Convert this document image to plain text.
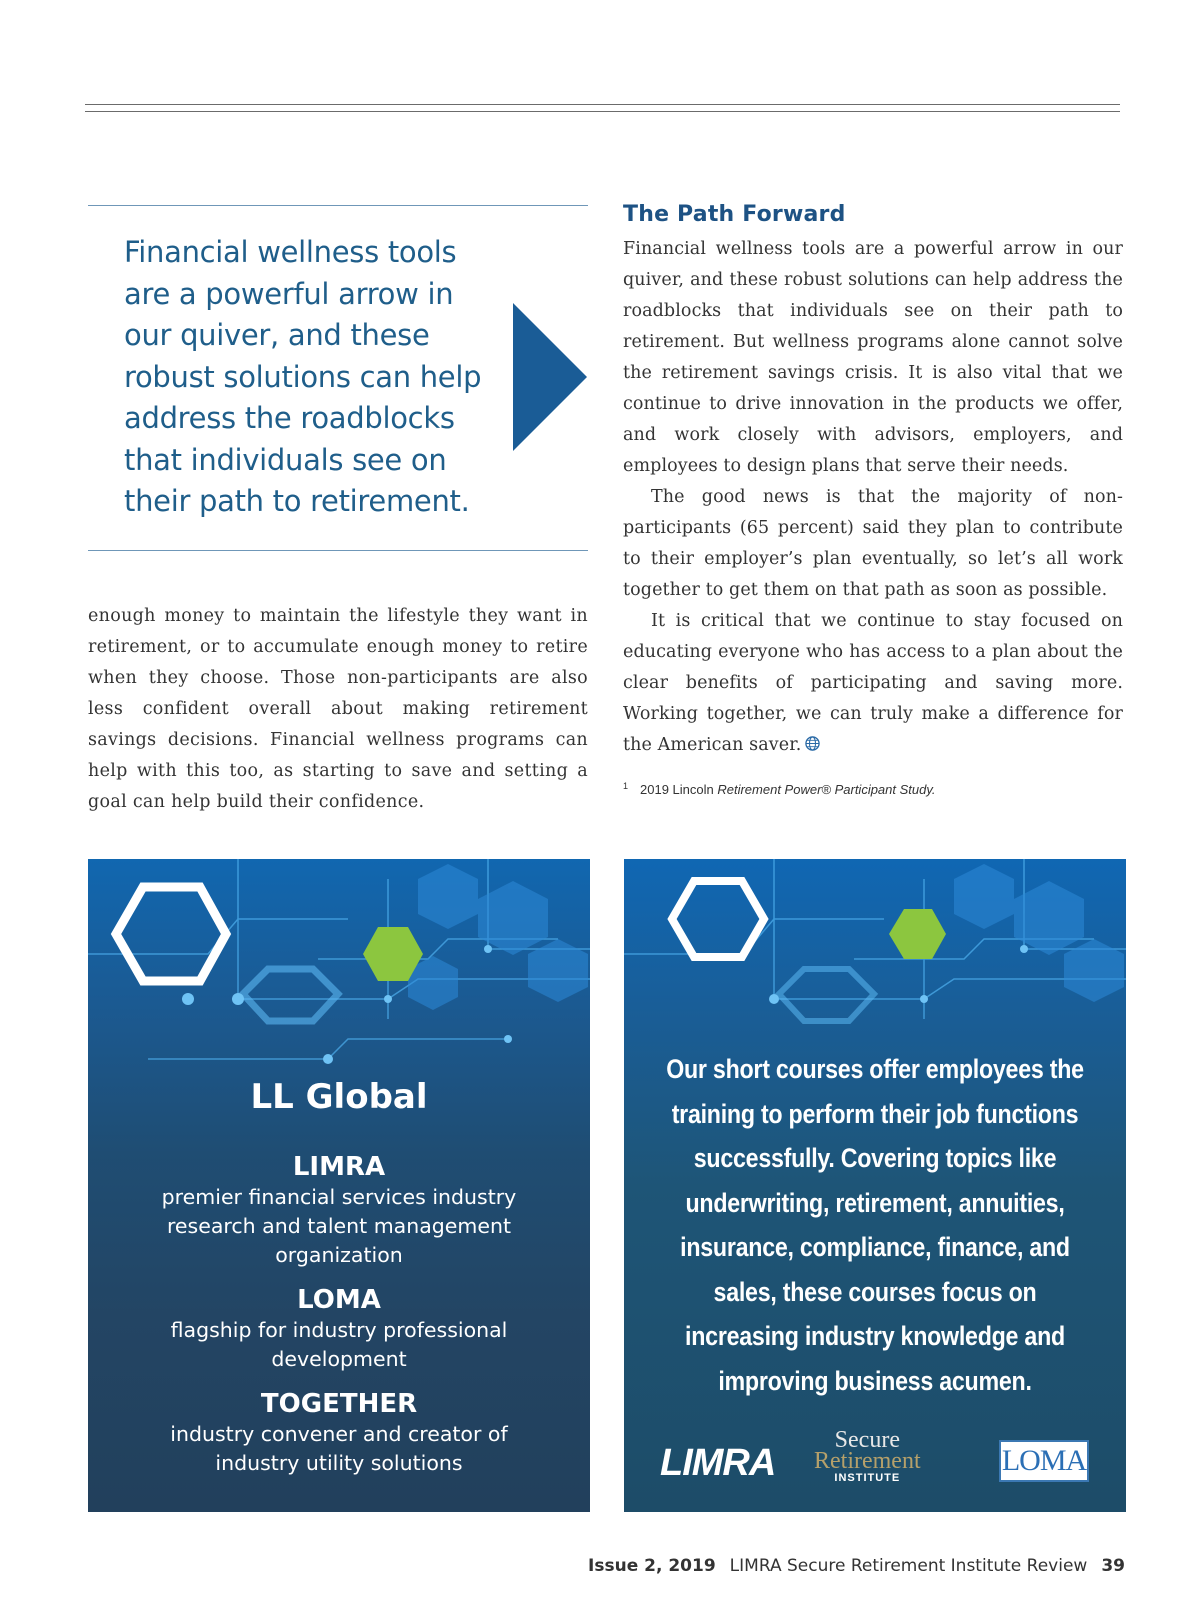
Financial wellness tools are a powerful arrow in our quiver, and these robust solutions can help address the roadblocks that individuals see on their path to retirement.

enough money to maintain the lifestyle they want in retirement, or to accumulate enough money to retire when they choose. Those non-participants are also less confident overall about making retirement savings decisions. Financial wellness programs can help with this too, as starting to save and setting a goal can help build their confidence.

The Path Forward

Financial wellness tools are a powerful arrow in our quiver, and these robust solutions can help address the roadblocks that individuals see on their path to retirement. But wellness programs alone cannot solve the retirement savings crisis. It is also vital that we continue to drive innovation in the products we offer, and work closely with advisors, employers, and employees to design plans that serve their needs.

The good news is that the majority of non-participants (65 percent) said they plan to contribute to their employer’s plan eventually, so let’s all work together to get them on that path as soon as possible.

It is critical that we continue to stay focused on educating everyone who has access to a plan about the clear benefits of participating and saving more. Working together, we can truly make a difference for the American saver.

$^1$ 2019 Lincoln Retirement Power® Participant Study.
LL Global
LIMRA
premier financial services industry research and talent management organization
LOMA
flagship for industry professional development
TOGETHER
industry convener and creator of industry utility solutions
Our short courses offer employees the training to perform their job functions successfully. Covering topics like underwriting, retirement, annuities, insurance, compliance, finance, and sales, these courses focus on increasing industry knowledge and improving business acumen.
LIMRA
Secure
Retirement
INSTITUTE
LOMA
Issue 2, 2019 LIMRA Secure Retirement Institute Review 39
